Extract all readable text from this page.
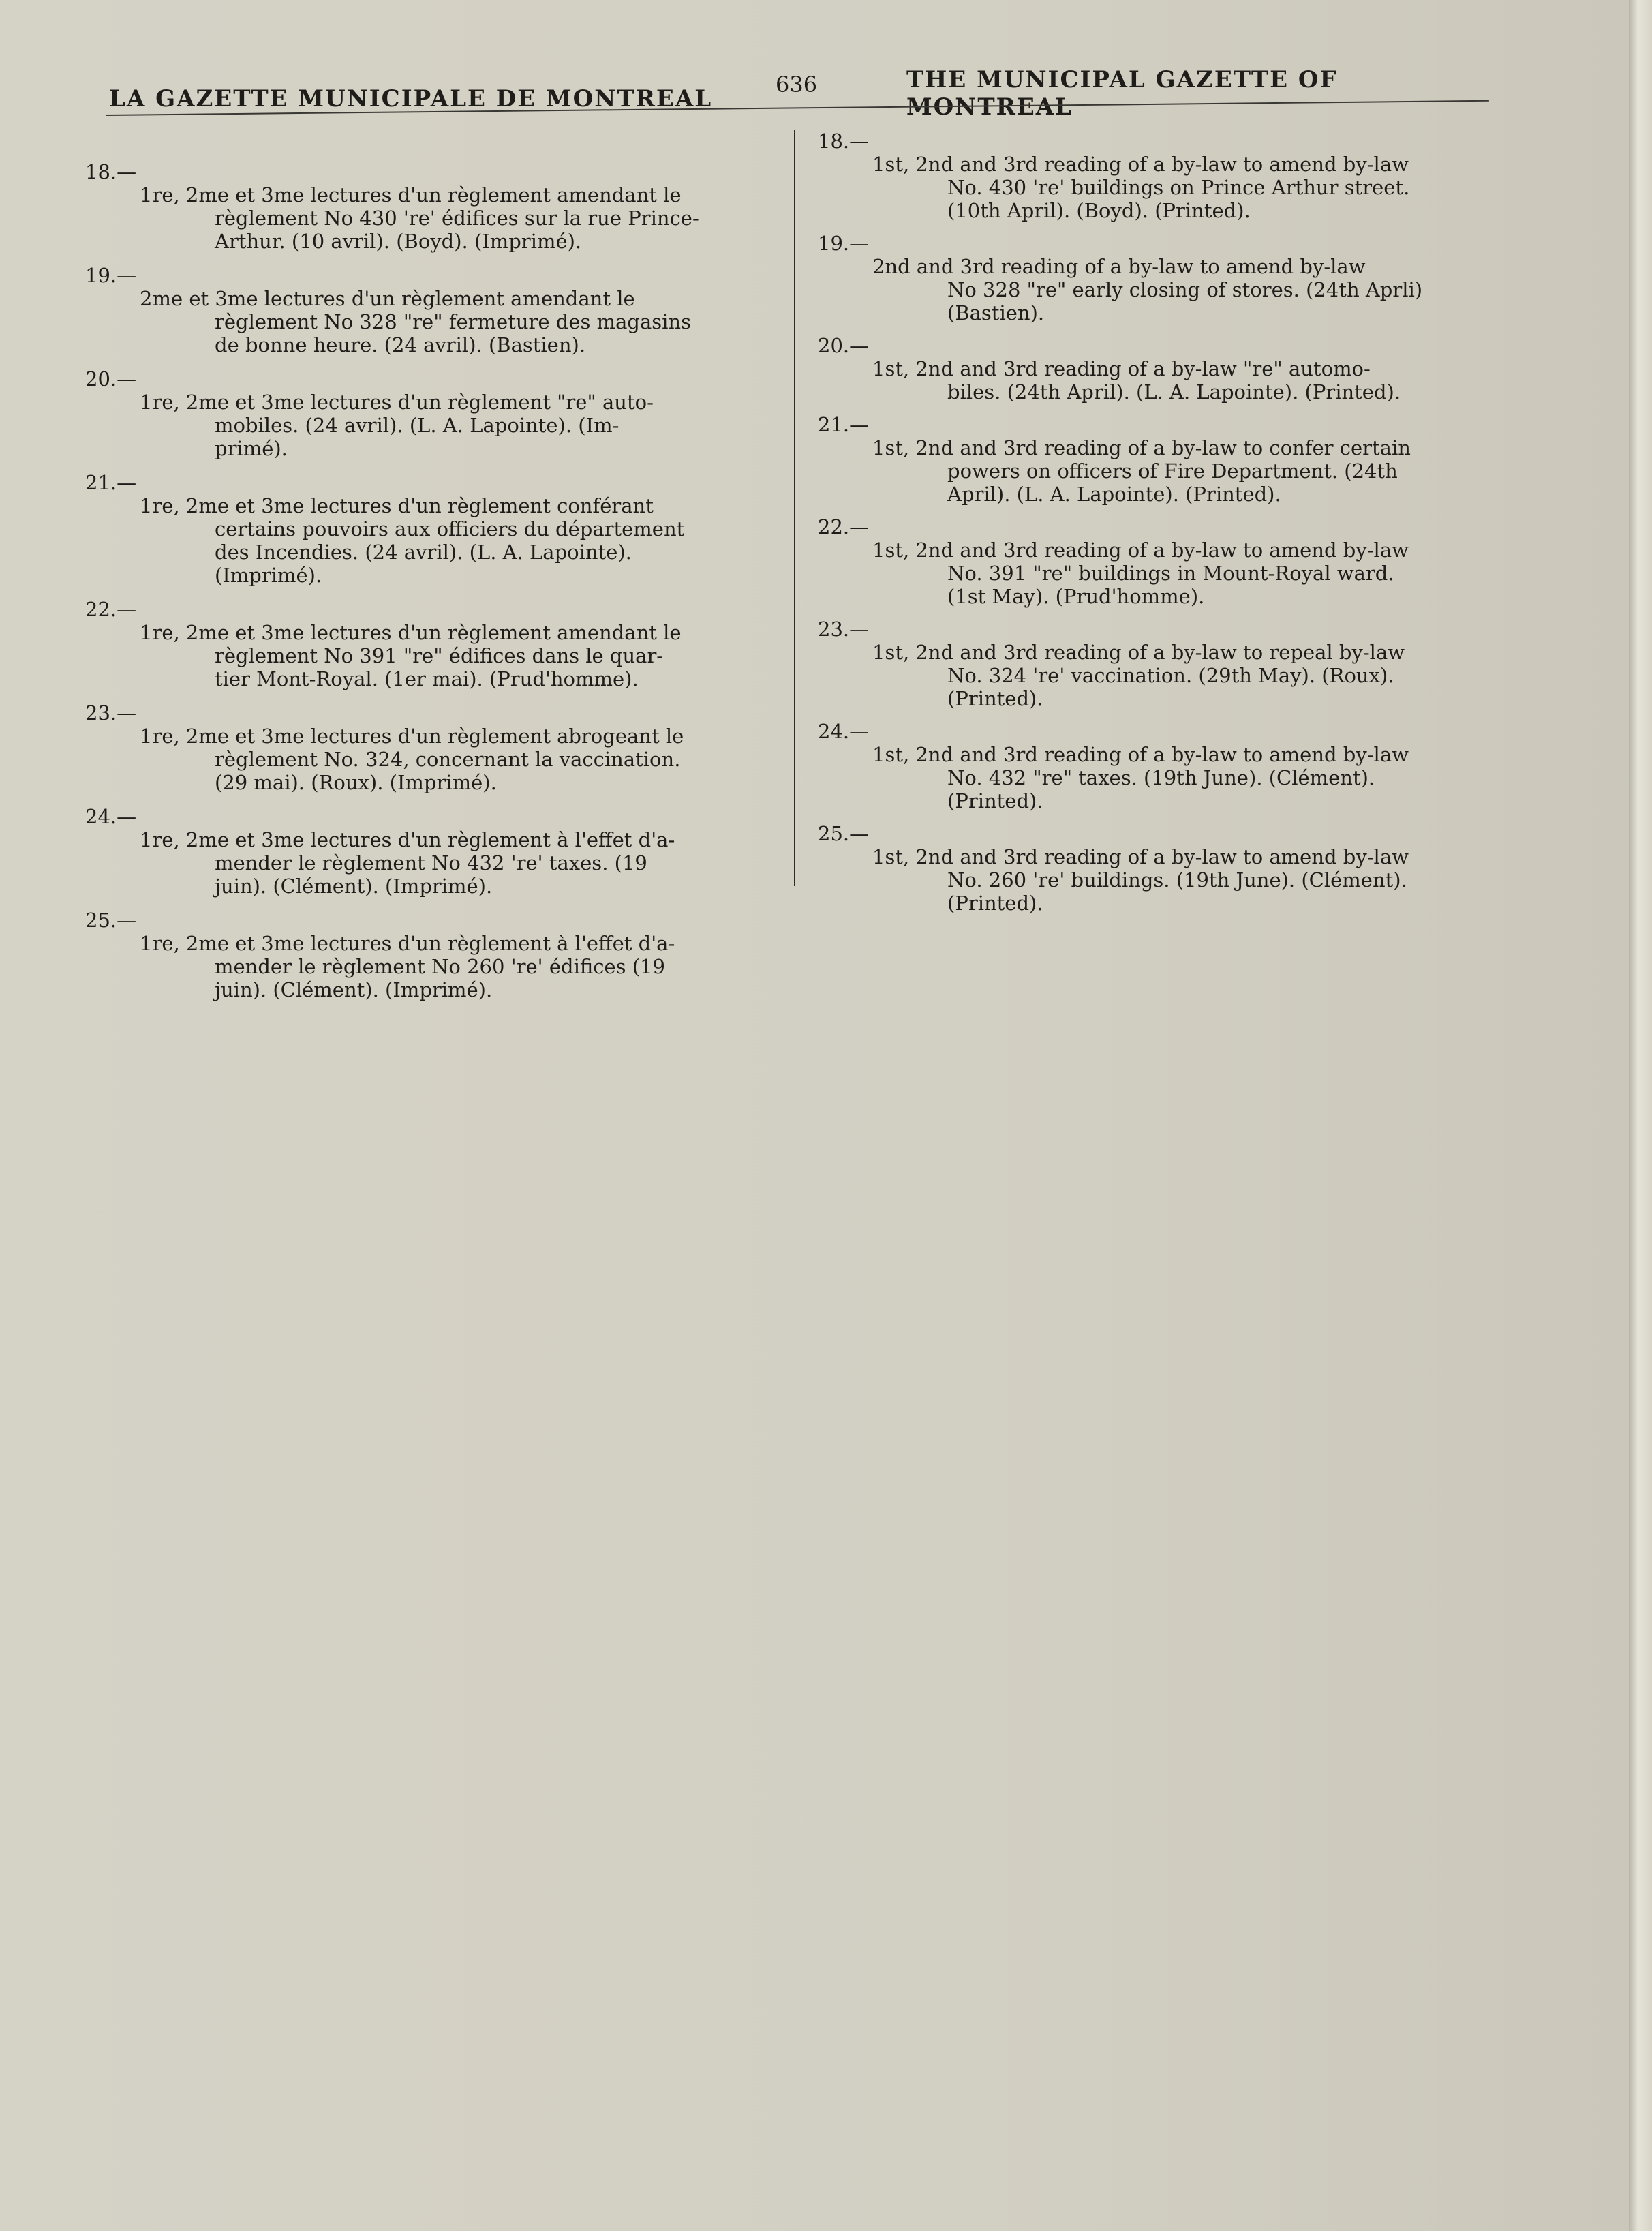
LA GAZETTE MUNICIPALE DE MONTREAL
636	THE MUNICIPAL GAZETTE OF MONTREAL
18.—
1re, 2me et 3me lectures d'un règlement amendant le
règlement No 430 're' édifices sur la rue Prince-
Arthur. (10 avril). (Boyd). (Imprimé).
19.—
2me et 3me lectures d'un règlement amendant le
règlement No 328 "re" fermeture des magasins
de bonne heure. (24 avril). (Bastien).
20.—
1re, 2me et 3me lectures d'un règlement "re" auto-
mobiles. (24 avril). (L. A. Lapointe). (Im-
primé).
21.—
1re, 2me et 3me lectures d'un règlement conférant
certains pouvoirs aux officiers du département
des Incendies. (24 avril). (L. A. Lapointe).
(Imprimé).
22.—
1re, 2me et 3me lectures d'un règlement amendant le
règlement No 391 "re" édifices dans le quar-
tier Mont-Royal. (1er mai). (Prud'homme).
23.—
1re, 2me et 3me lectures d'un règlement abrogeant le
règlement No. 324, concernant la vaccination.
(29 mai). (Roux). (Imprimé).
24.—
1re, 2me et 3me lectures d'un règlement à l'effet d'a-
mender le règlement No 432 're' taxes. (19
juin). (Clément). (Imprimé).
25.—
1re, 2me et 3me lectures d'un règlement à l'effet d'a-
mender le règlement No 260 're' édifices (19
juin). (Clément). (Imprimé).
18.—
1st, 2nd and 3rd reading of a by-law to amend by-law
No. 430 're' buildings on Prince Arthur street.
(10th April). (Boyd). (Printed).
19.—
2nd and 3rd reading of a by-law to amend by-law
No 328 "re" early closing of stores. (24th Aprli)
(Bastien).
20.—
1st, 2nd and 3rd reading of a by-law "re" automo-
biles. (24th April). (L. A. Lapointe). (Printed).
21.—
1st, 2nd and 3rd reading of a by-law to confer certain
powers on officers of Fire Department. (24th
April). (L. A. Lapointe). (Printed).
22.—
1st, 2nd and 3rd reading of a by-law to amend by-law
No. 391 "re" buildings in Mount-Royal ward.
(1st May). (Prud'homme).
23.—
1st, 2nd and 3rd reading of a by-law to repeal by-law
No. 324 're' vaccination. (29th May). (Roux).
(Printed).
24.—
1st, 2nd and 3rd reading of a by-law to amend by-law
No. 432 "re" taxes. (19th June). (Clément).
(Printed).
25.—
1st, 2nd and 3rd reading of a by-law to amend by-law
No. 260 're' buildings. (19th June). (Clément).
(Printed).
